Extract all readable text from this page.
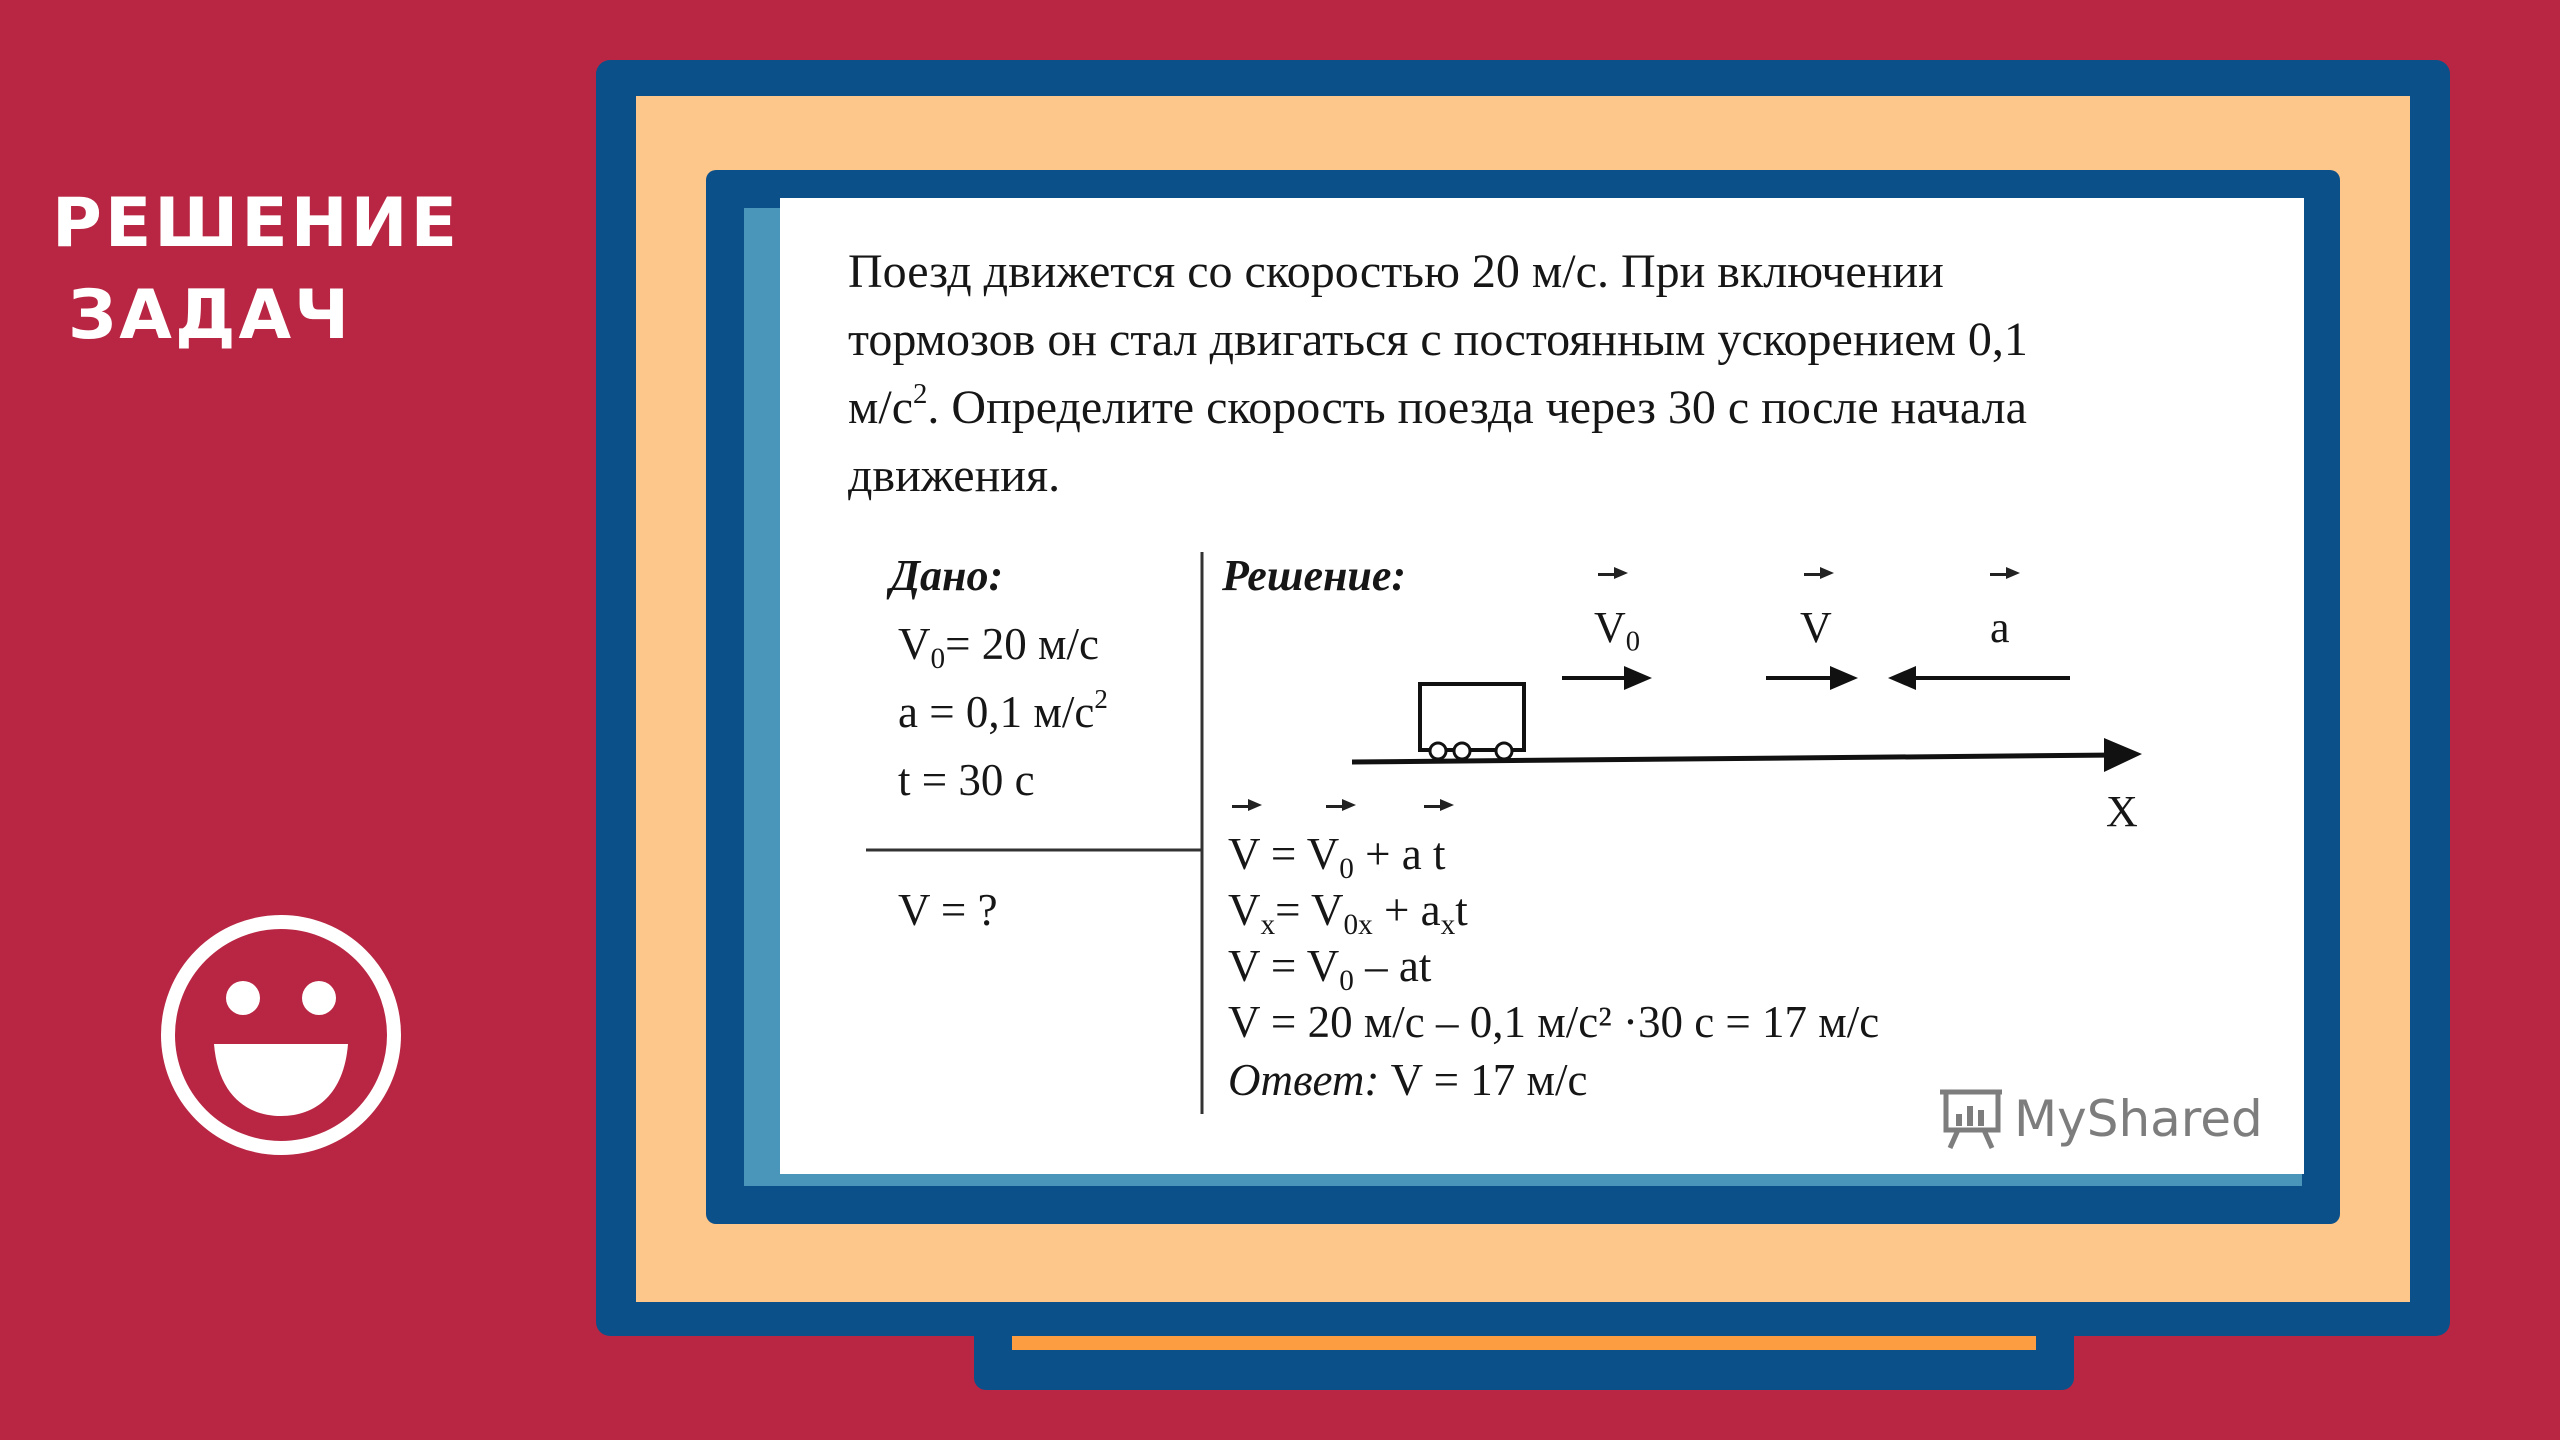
РЕШЕНИЕ
ЗАДАЧ
Поезд движется со скоростью 20 м/с. При включении
тормозов он стал двигаться с постоянным ускорением 0,1
$м/с^2$. Определите скорость поезда через 30 с после начала
движения.
Дано:
$V_0= 20$ м/с
a = 0,1 $м/с^2$
t = 30 с
V = ?
Решение:
$V_0$	V	a
X
$V = V_0 + a$ t
$V_x= V_{0x} + a_xt$
$V = V_0$ – at
V = 20 м/с – 0,1 м/с² ·30 с = 17 м/с
Ответ: V = 17 м/с
MyShared
